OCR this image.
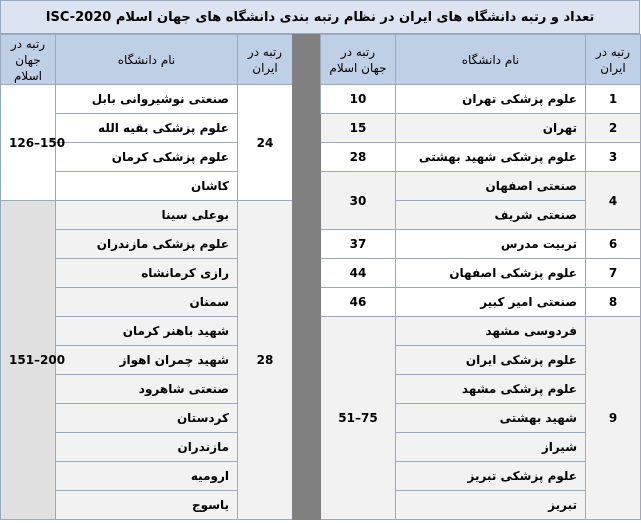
تعداد و رتبه دانشگاه های ایران در نظام رتبه بندی دانشگاه های جهان اسلام ISC-2020
رتبه در ایران	نام دانشگاه	رتبه در جهان اسلام		رتبه در ایران	نام دانشگاه	رتبه در جهان اسلام
1	علوم پزشکی تهران	10		24	صنعتی نوشیروانی بابل	126–150
2	تهران	15			علوم پزشکی بقیه الله	
3	علوم پزشکی شهید بهشتی	28			علوم پزشکی کرمان	
4	صنعتی اصفهان	30			کاشان	
	صنعتی شریف			28	بوعلی سینا	151–200
6	تربیت مدرس	37			علوم پزشکی مازندران	
7	علوم پزشکی اصفهان	44			رازی کرمانشاه	
8	صنعتی امیر کبیر	46			سمنان	
9	فردوسی مشهد	51–75			شهید باهنر کرمان	
	علوم پزشکی ایران				شهید چمران اهواز	
	علوم پزشکی مشهد				صنعتی شاهرود	
	شهید بهشتی				کردستان	
	شیراز				مازندران	
	علوم پزشکی تبریز				ارومیه	
	تبریز				یاسوج	
